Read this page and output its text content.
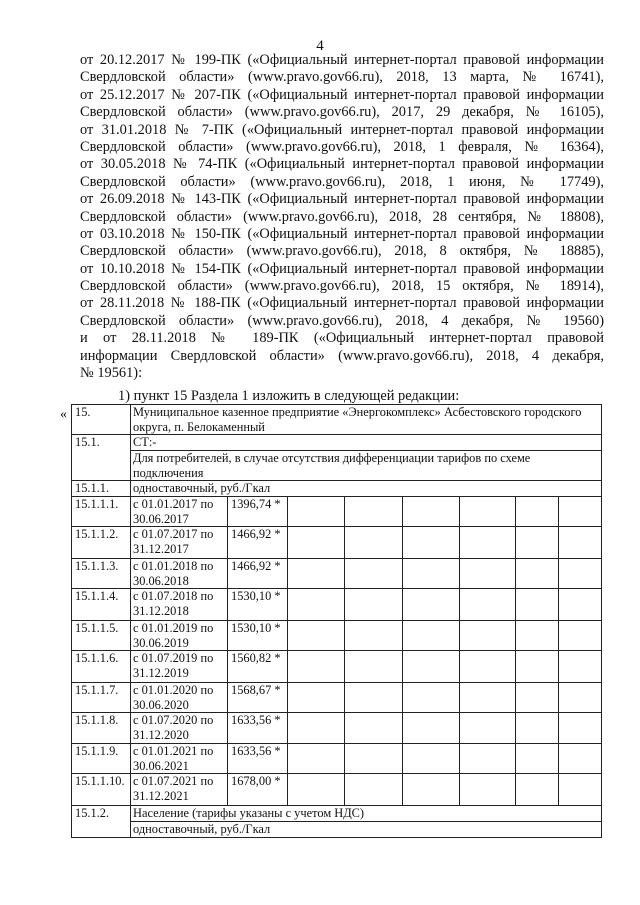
4
от 20.12.2017 № 199-ПК («Официальный интернет-портал правовой информации
Свердловской области» (www.pravo.gov66.ru), 2018, 13 марта, № 16741),
от 25.12.2017 № 207-ПК («Официальный интернет-портал правовой информации
Свердловской области» (www.pravo.gov66.ru), 2017, 29 декабря, № 16105),
от 31.01.2018 № 7-ПК («Официальный интернет-портал правовой информации
Свердловской области» (www.pravo.gov66.ru), 2018, 1 февраля, № 16364),
от 30.05.2018 № 74-ПК («Официальный интернет-портал правовой информации
Свердловской области» (www.pravo.gov66.ru), 2018, 1 июня, № 17749),
от 26.09.2018 № 143-ПК («Официальный интернет-портал правовой информации
Свердловской области» (www.pravo.gov66.ru), 2018, 28 сентября, № 18808),
от 03.10.2018 № 150-ПК («Официальный интернет-портал правовой информации
Свердловской области» (www.pravo.gov66.ru), 2018, 8 октября, № 18885),
от 10.10.2018 № 154-ПК («Официальный интернет-портал правовой информации
Свердловской области» (www.pravo.gov66.ru), 2018, 15 октября, № 18914),
от 28.11.2018 № 188-ПК («Официальный интернет-портал правовой информации
Свердловской области» (www.pravo.gov66.ru), 2018, 4 декабря, № 19560)
и от 28.11.2018 № 189-ПК («Официальный интернет-портал правовой
информации Свердловской области» (www.pravo.gov66.ru), 2018, 4 декабря,
№ 19561):
1) пункт 15 Раздела 1 изложить в следующей редакции:
« 15.	Муниципальное казенное предприятие «Энергокомплекс» Асбестовского городского округа, п. Белокаменный							
15.1.	СТ:-							
	Для потребителей, в случае отсутствия дифференциации тарифов по схеме подключения							
15.1.1.	одноставочный, руб./Гкал							
15.1.1.1.	с 01.01.2017 по 30.06.2017	1396,74 *						
15.1.1.2.	с 01.07.2017 по 31.12.2017	1466,92 *						
15.1.1.3.	с 01.01.2018 по 30.06.2018	1466,92 *						
15.1.1.4.	с 01.07.2018 по 31.12.2018	1530,10 *						
15.1.1.5.	с 01.01.2019 по 30.06.2019	1530,10 *						
15.1.1.6.	с 01.07.2019 по 31.12.2019	1560,82 *						
15.1.1.7.	с 01.01.2020 по 30.06.2020	1568,67 *						
15.1.1.8.	с 01.07.2020 по 31.12.2020	1633,56 *						
15.1.1.9.	с 01.01.2021 по 30.06.2021	1633,56 *						
15.1.1.10.	с 01.07.2021 по 31.12.2021	1678,00 *						
15.1.2.	Население (тарифы указаны с учетом НДС)							
	одноставочный, руб./Гкал							
